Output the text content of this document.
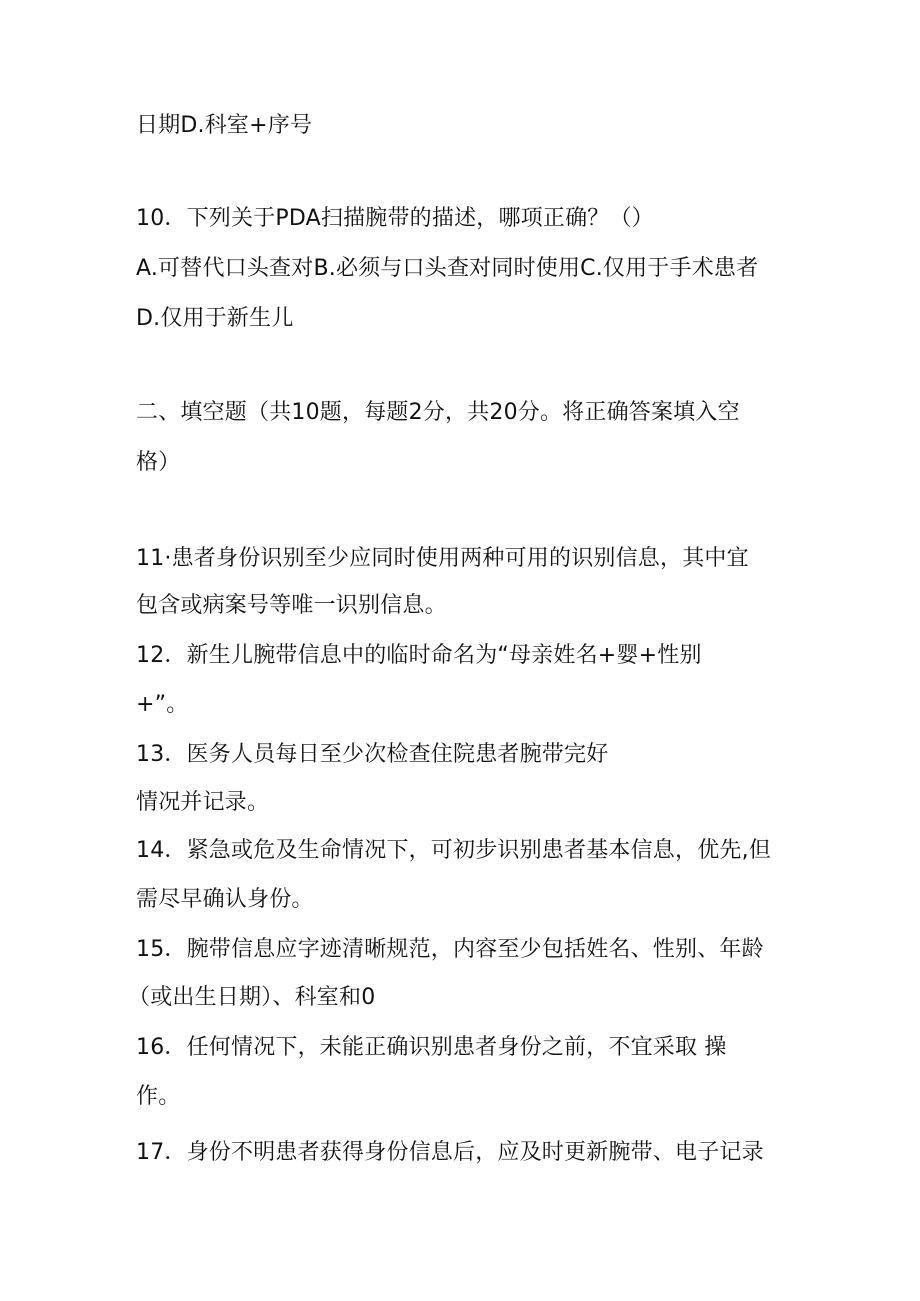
日期D.科室+序号
10．下列关于PDA扫描腕带的描述，哪项正确？（）
A.可替代口头查对B.必须与口头查对同时使用C.仅用于手术患者
D.仅用于新生儿
二、填空题（共10题，每题2分，共20分。将正确答案填入空
格）
11·患者身份识别至少应同时使用两种可用的识别信息，其中宜
包含或病案号等唯一识别信息。
12．新生儿腕带信息中的临时命名为“母亲姓名+婴+性别
+”。
13．医务人员每日至少次检查住院患者腕带完好
情况并记录。
14．紧急或危及生命情况下，可初步识别患者基本信息，优先,但
需尽早确认身份。
15．腕带信息应字迹清晰规范，内容至少包括姓名、性别、年龄
（或出生日期）、科室和0
16．任何情况下，未能正确识别患者身份之前，不宜采取 操
作。
17．身份不明患者获得身份信息后，应及时更新腕带、电子记录
